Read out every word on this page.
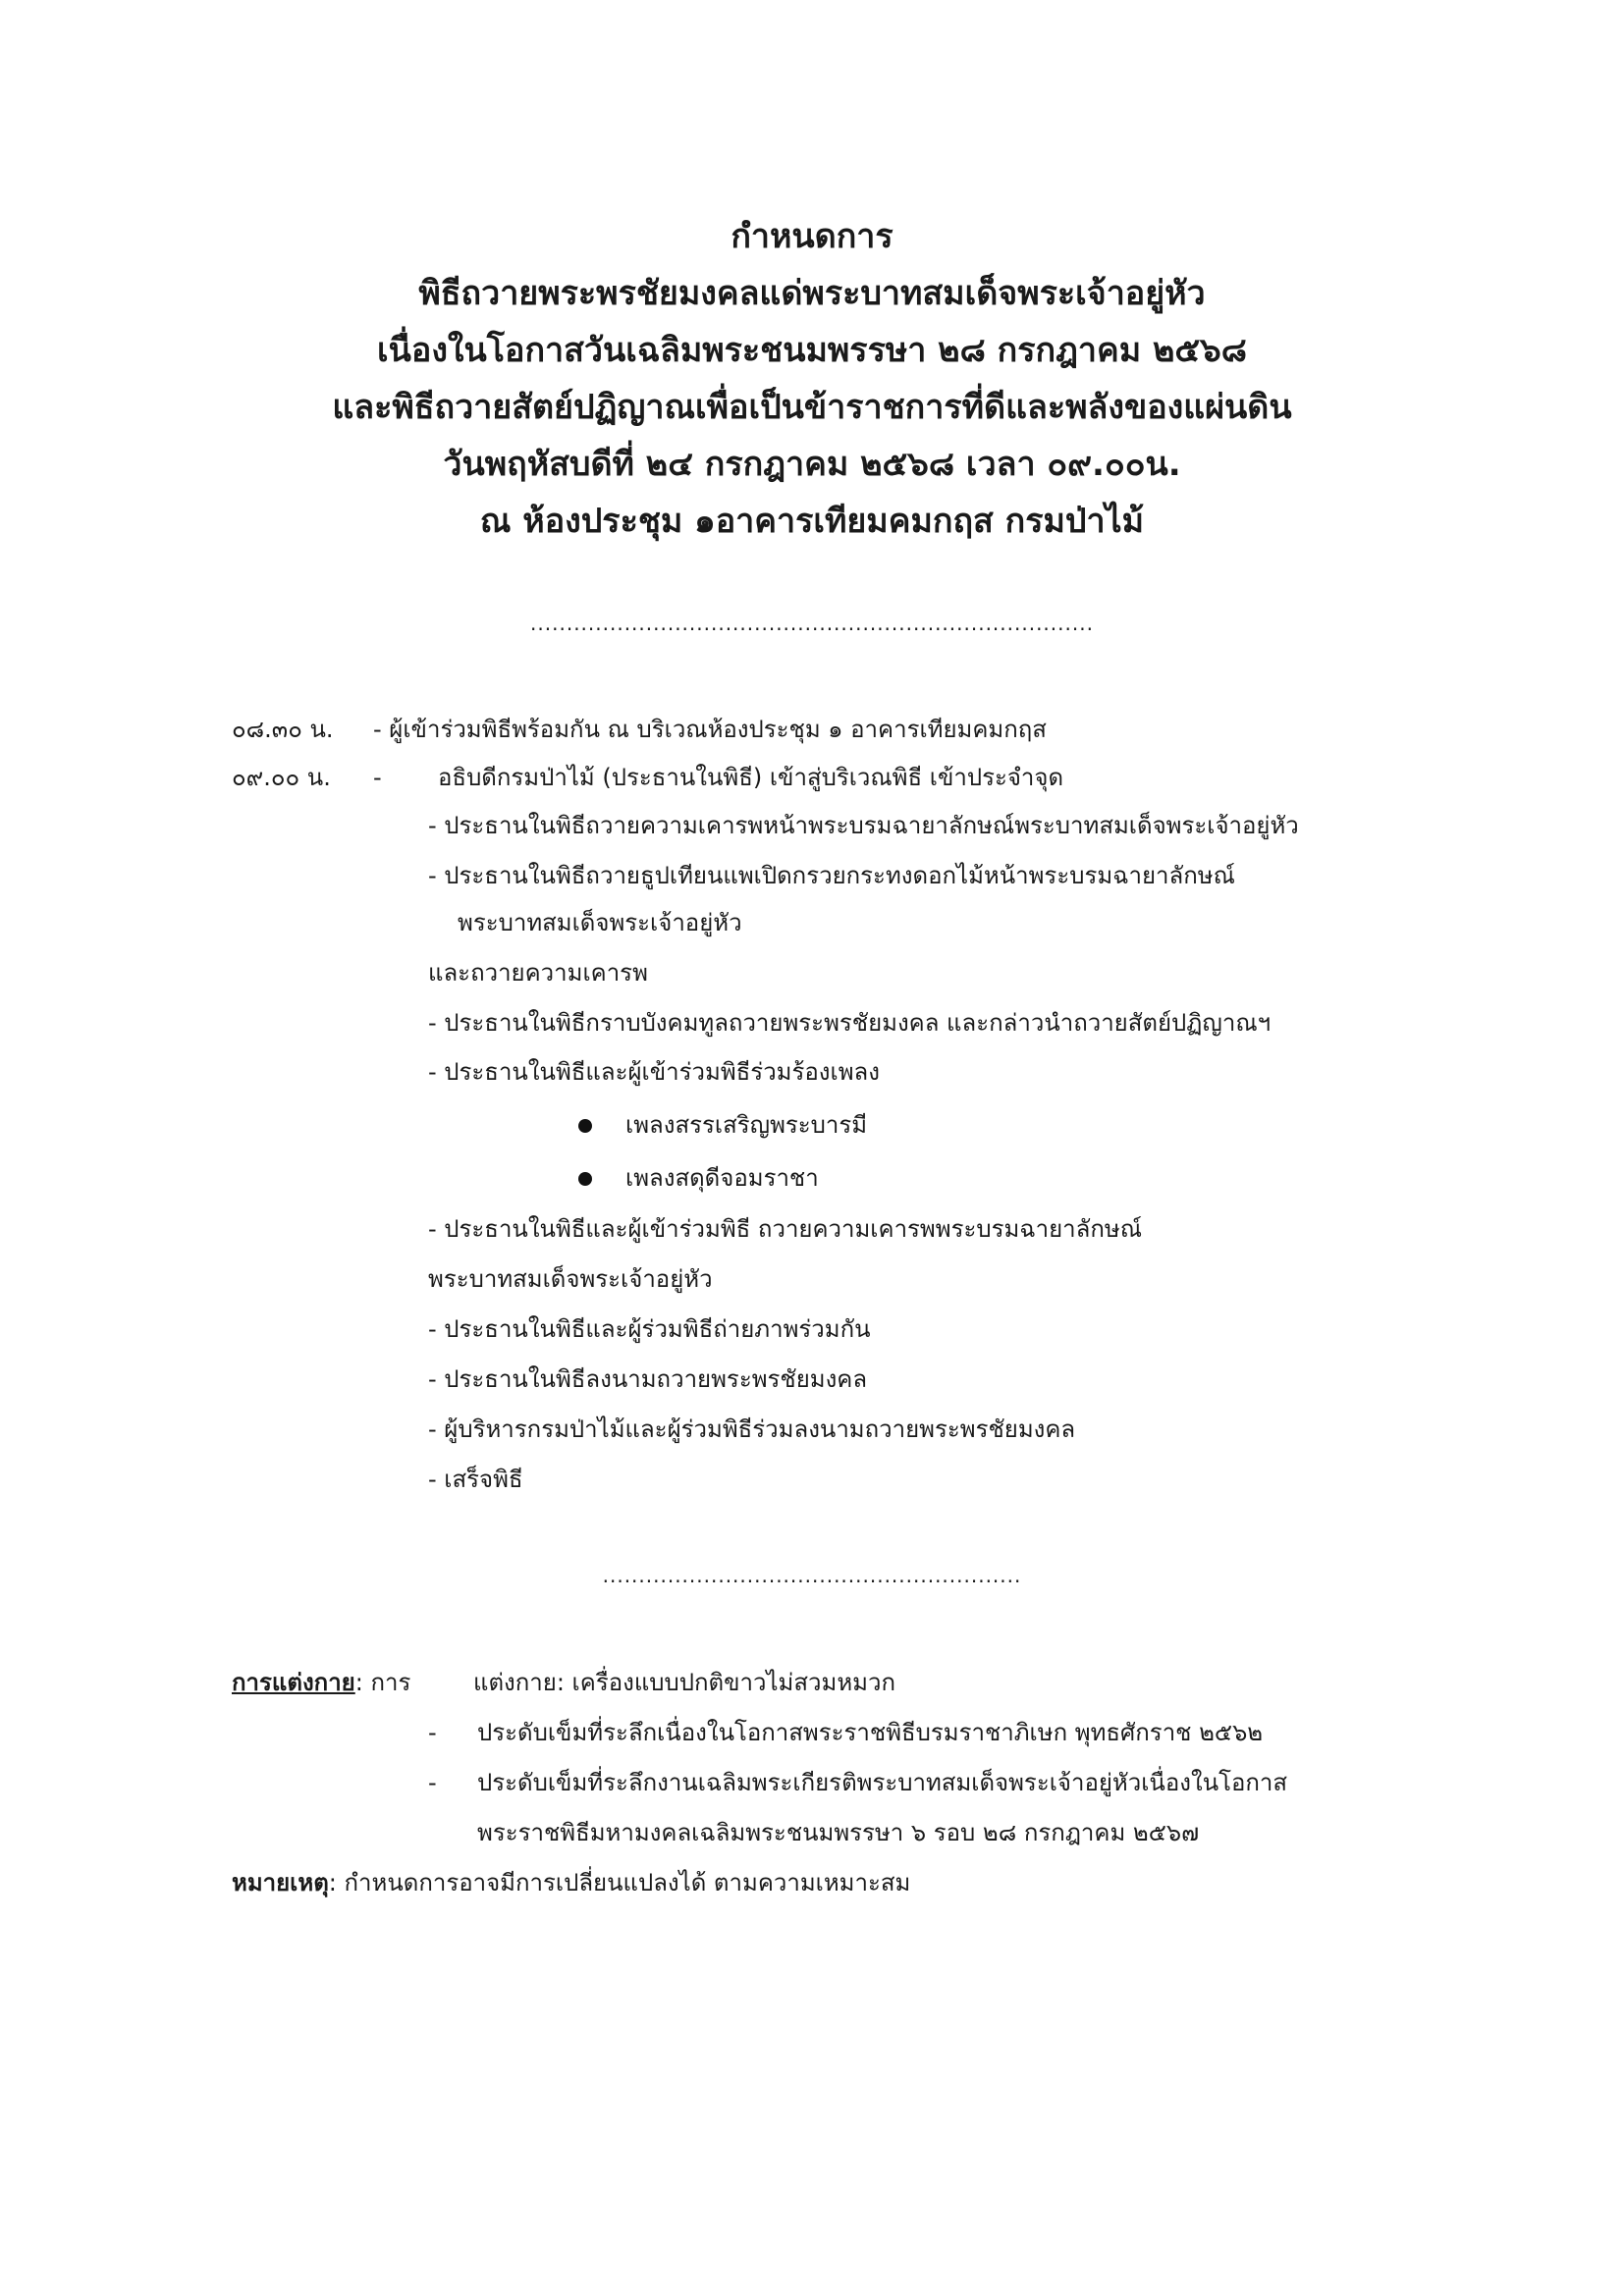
กำหนดการ
พิธีถวายพระพรชัยมงคลแด่พระบาทสมเด็จพระเจ้าอยู่หัว
เนื่องในโอกาสวันเฉลิมพระชนมพรรษา ๒๘ กรกฎาคม ๒๕๖๘
และพิธีถวายสัตย์ปฏิญาณเพื่อเป็นข้าราชการที่ดีและพลังของแผ่นดิน
วันพฤหัสบดีที่ ๒๔ กรกฎาคม ๒๕๖๘ เวลา ๐๙.๐๐น.
ณ ห้องประชุม ๑อาคารเทียมคมกฤส กรมป่าไม้
..............................................................................
๐๘.๓๐ น. - ผู้เข้าร่วมพิธีพร้อมกัน ณ บริเวณห้องประชุม ๑ อาคารเทียมคมกฤส
๐๙.๐๐ น. - อธิบดีกรมป่าไม้ (ประธานในพิธี) เข้าสู่บริเวณพิธี เข้าประจำจุด
- ประธานในพิธีถวายความเคารพหน้าพระบรมฉายาลักษณ์พระบาทสมเด็จพระเจ้าอยู่หัว
- ประธานในพิธีถวายธูปเทียนแพเปิดกรวยกระทงดอกไม้หน้าพระบรมฉายาลักษณ์
พระบาทสมเด็จพระเจ้าอยู่หัว
และถวายความเคารพ
- ประธานในพิธีกราบบังคมทูลถวายพระพรชัยมงคล และกล่าวนำถวายสัตย์ปฏิญาณฯ
- ประธานในพิธีและผู้เข้าร่วมพิธีร่วมร้องเพลง
เพลงสรรเสริญพระบารมี
เพลงสดุดีจอมราชา
- ประธานในพิธีและผู้เข้าร่วมพิธี ถวายความเคารพพระบรมฉายาลักษณ์
พระบาทสมเด็จพระเจ้าอยู่หัว
- ประธานในพิธีและผู้ร่วมพิธีถ่ายภาพร่วมกัน
- ประธานในพิธีลงนามถวายพระพรชัยมงคล
- ผู้บริหารกรมป่าไม้และผู้ร่วมพิธีร่วมลงนามถวายพระพรชัยมงคล
- เสร็จพิธี
..........................................................
การแต่งกาย: การ	แต่งกาย: เครื่องแบบปกติขาวไม่สวมหมวก
- ประดับเข็มที่ระลึกเนื่องในโอกาสพระราชพิธีบรมราชาภิเษก พุทธศักราช ๒๕๖๒
- ประดับเข็มที่ระลึกงานเฉลิมพระเกียรติพระบาทสมเด็จพระเจ้าอยู่หัวเนื่องในโอกาส
พระราชพิธีมหามงคลเฉลิมพระชนมพรรษา ๖ รอบ ๒๘ กรกฎาคม ๒๕๖๗
หมายเหตุ: กำหนดการอาจมีการเปลี่ยนแปลงได้ ตามความเหมาะสม
